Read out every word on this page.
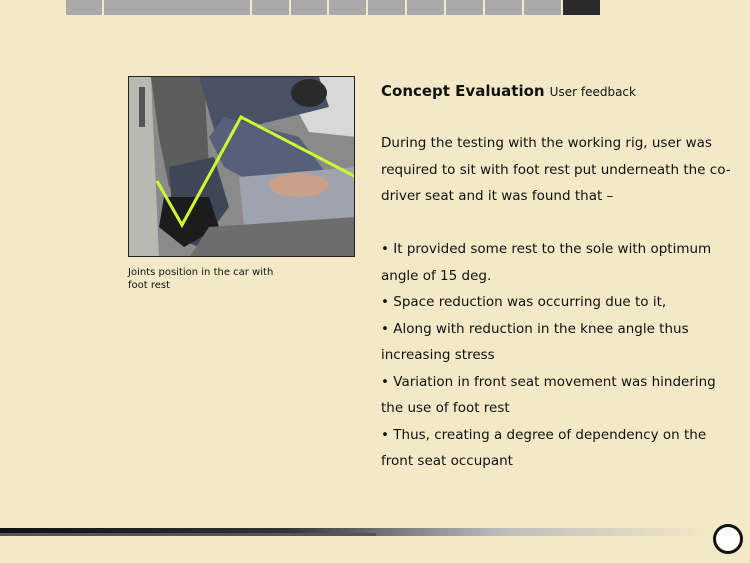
Joints position in the car with foot rest
Concept Evaluation User feedback

During the testing with the working rig, user was required to sit with foot rest put underneath the co-driver seat and it was found that –

• It provided some rest to the sole with optimum angle of 15 deg.

• Space reduction was occurring due to it,

• Along with reduction in the knee angle thus increasing stress

• Variation in front seat movement was hindering the use of foot rest

• Thus, creating a degree of dependency on the front seat occupant
